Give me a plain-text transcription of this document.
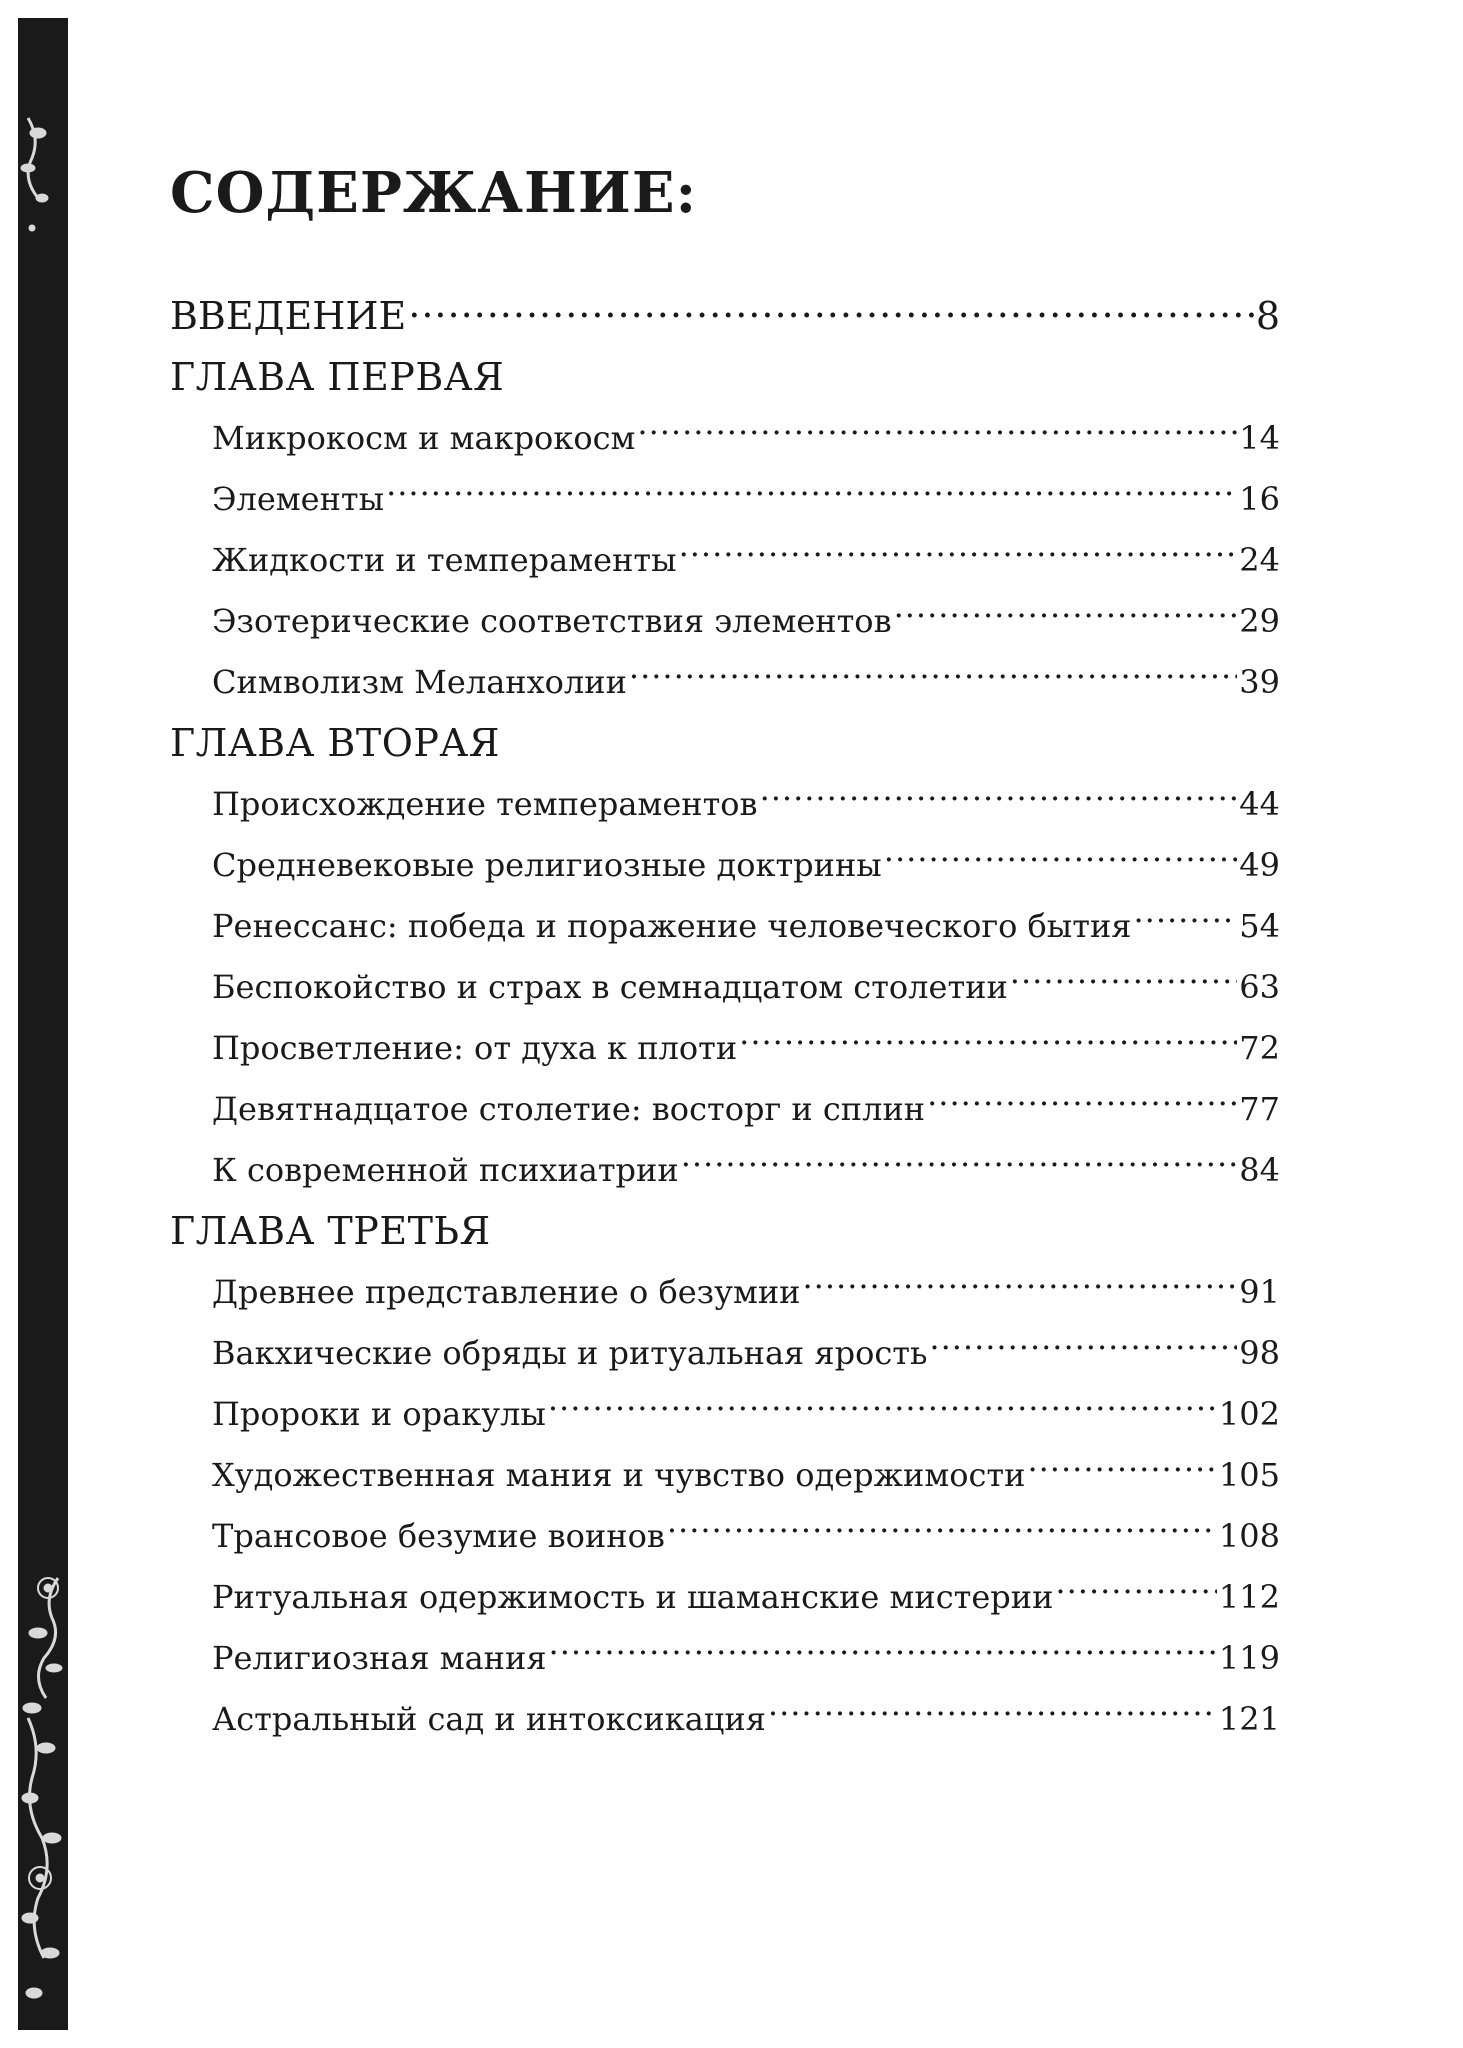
СОДЕРЖАНИЕ:
ВВЕДЕНИЕ .....	8
ГЛАВА ПЕРВАЯ
Микрокосм и макрокосм .....	14
Элементы .....	16
Жидкости и темпераменты .....	24
Эзотерические соответствия элементов .....	29
Символизм Меланхолии .....	39
ГЛАВА ВТОРАЯ
Происхождение темпераментов .....	44
Средневековые религиозные доктрины .....	49
Ренессанс: победа и поражение человеческого бытия .....	54
Беспокойство и страх в семнадцатом столетии .....	63
Просветление: от духа к плоти .....	72
Девятнадцатое столетие: восторг и сплин .....	77
К современной психиатрии .....	84
ГЛАВА ТРЕТЬЯ
Древнее представление о безумии .....	91
Вакхические обряды и ритуальная ярость .....	98
Пророки и оракулы .....	102
Художественная мания и чувство одержимости .....	105
Трансовое безумие воинов .....	108
Ритуальная одержимость и шаманские мистерии .....	112
Религиозная мания .....	119
Астральный сад и интоксикация .....	121
